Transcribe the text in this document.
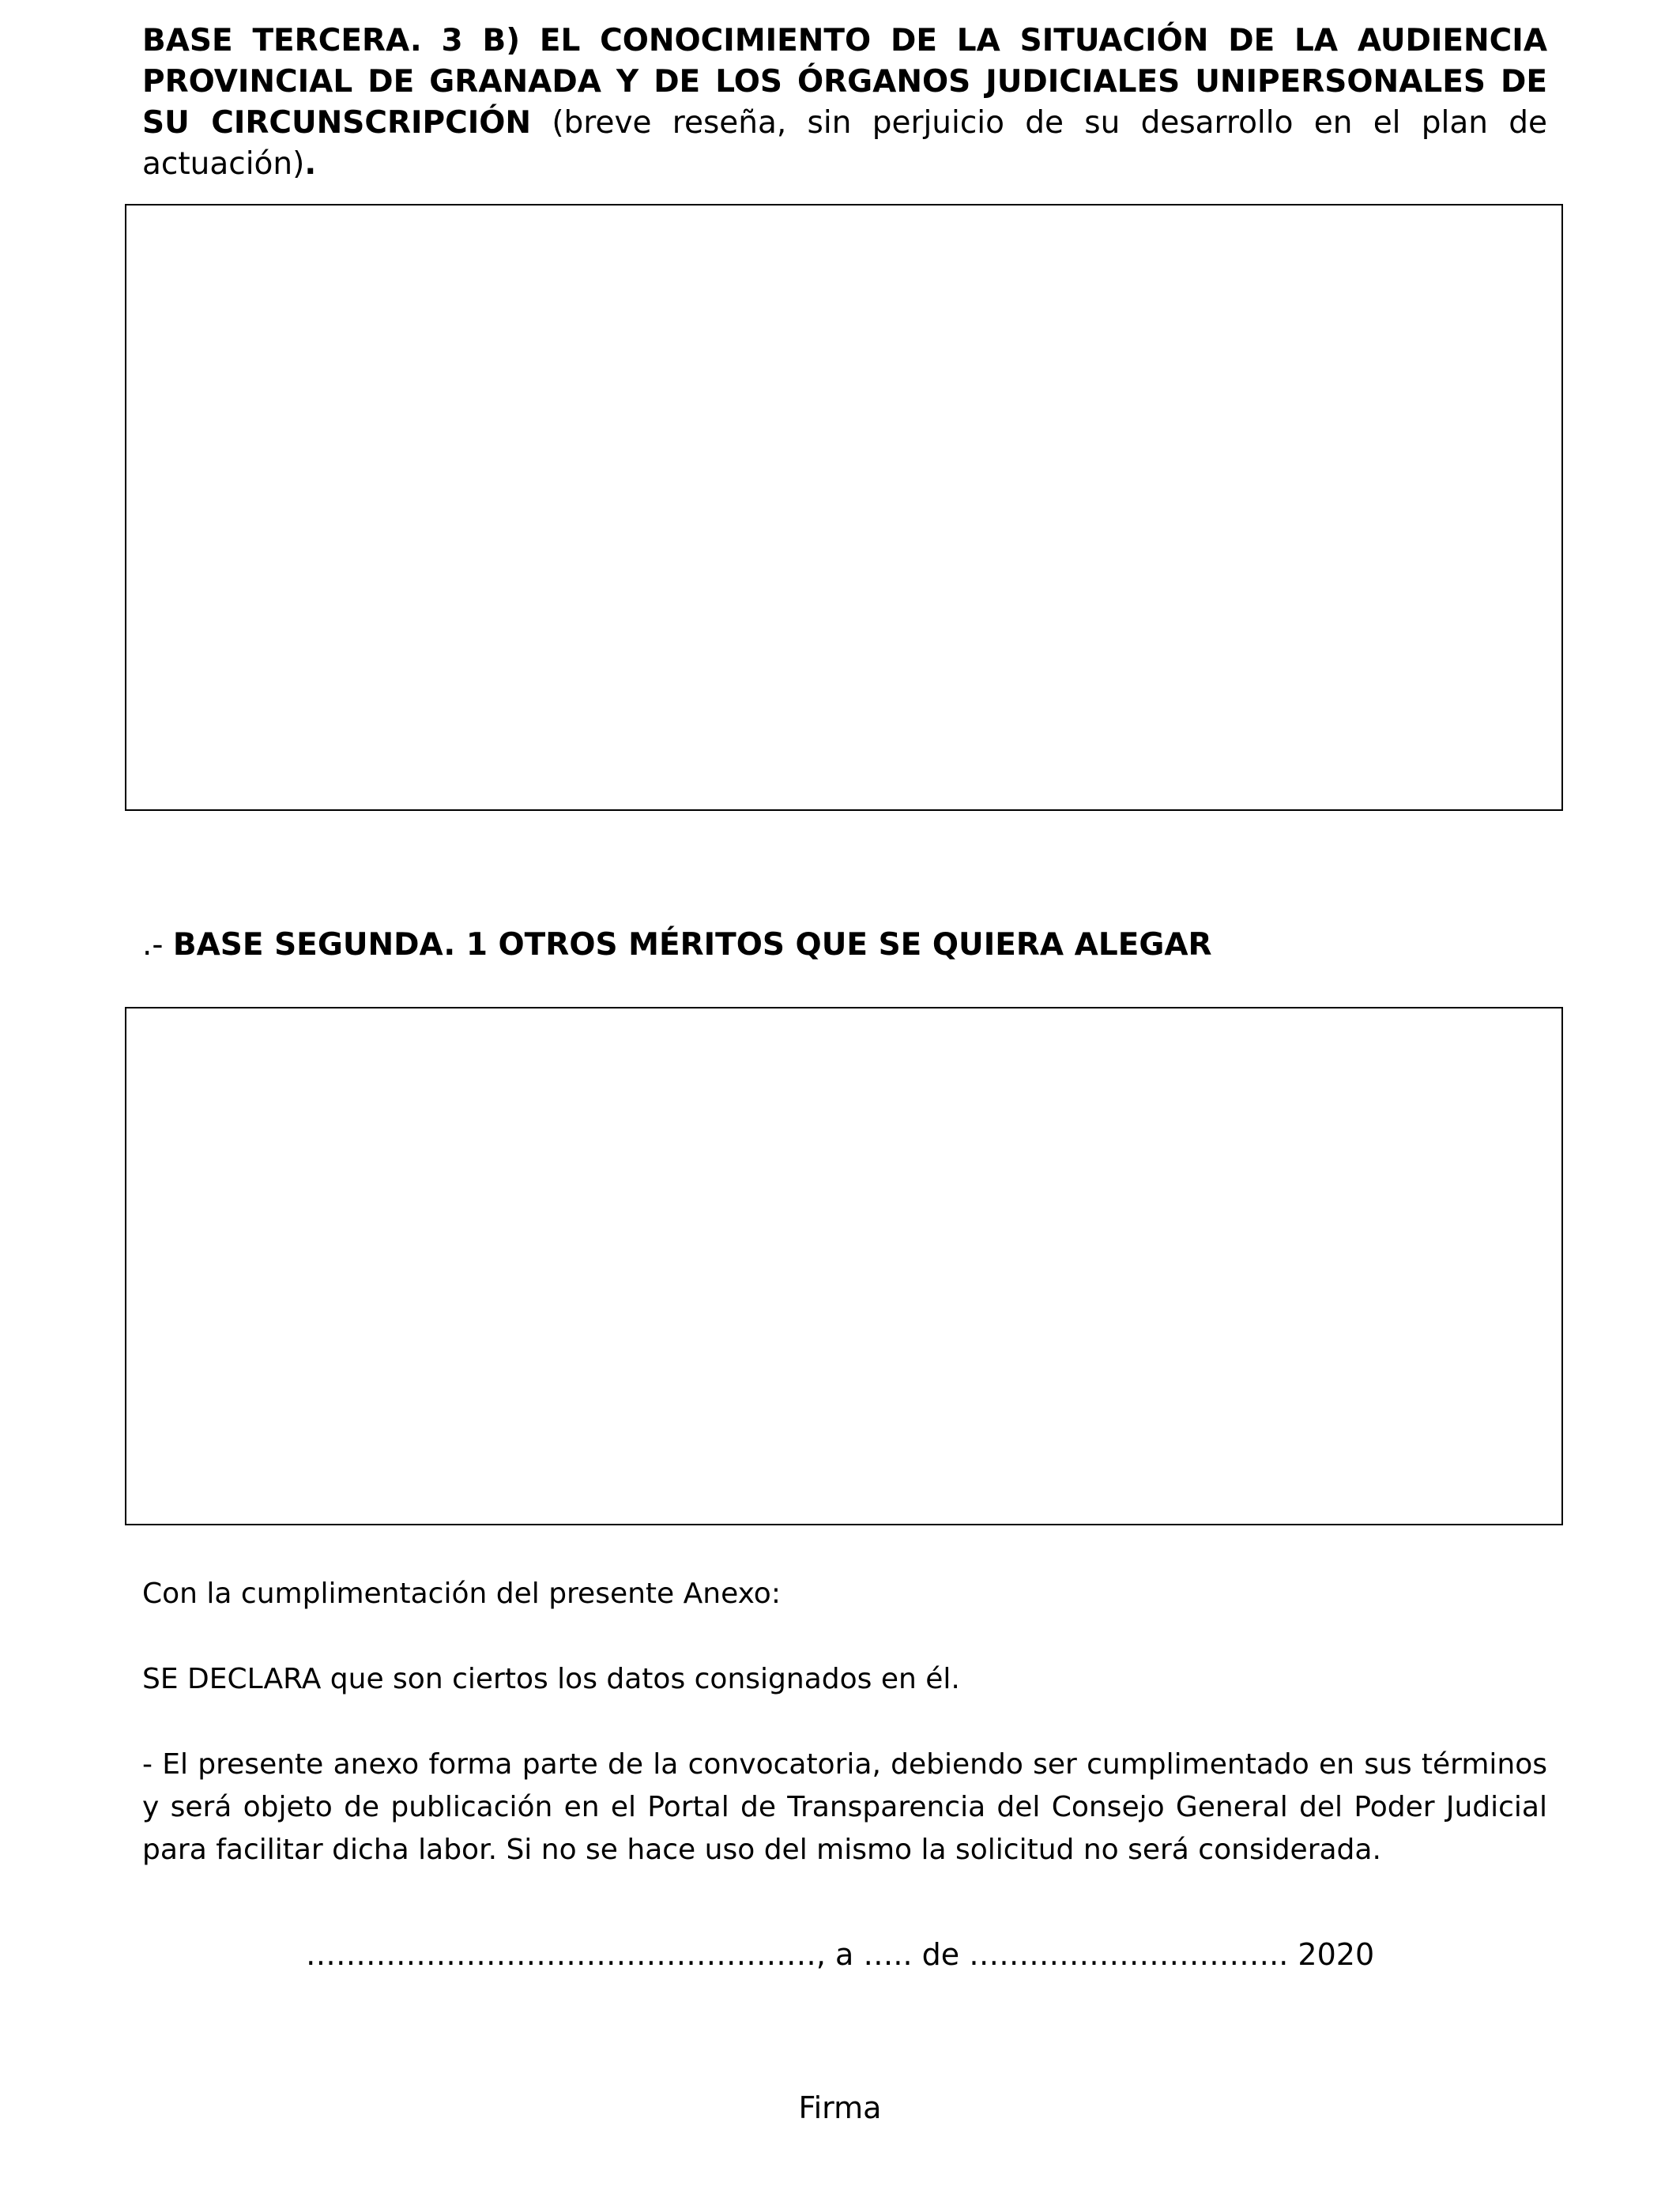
BASE TERCERA. 3 B) EL CONOCIMIENTO DE LA SITUACIÓN DE LA AUDIENCIA PROVINCIAL DE GRANADA Y DE LOS ÓRGANOS JUDICIALES UNIPERSONALES DE SU CIRCUNSCRIPCIÓN (breve reseña, sin perjuicio de su desarrollo en el plan de actuación).
.- BASE SEGUNDA. 1 OTROS MÉRITOS QUE SE QUIERA ALEGAR
Con la cumplimentación del presente Anexo:
SE DECLARA que son ciertos los datos consignados en él.
- El presente anexo forma parte de la convocatoria, debiendo ser cumplimentado en sus términos y será objeto de publicación en el Portal de Transparencia del Consejo General del Poder Judicial para facilitar dicha labor. Si no se hace uso del mismo la solicitud no será considerada.
……………………………………………, a ….. de ………………………….. 2020
Firma
